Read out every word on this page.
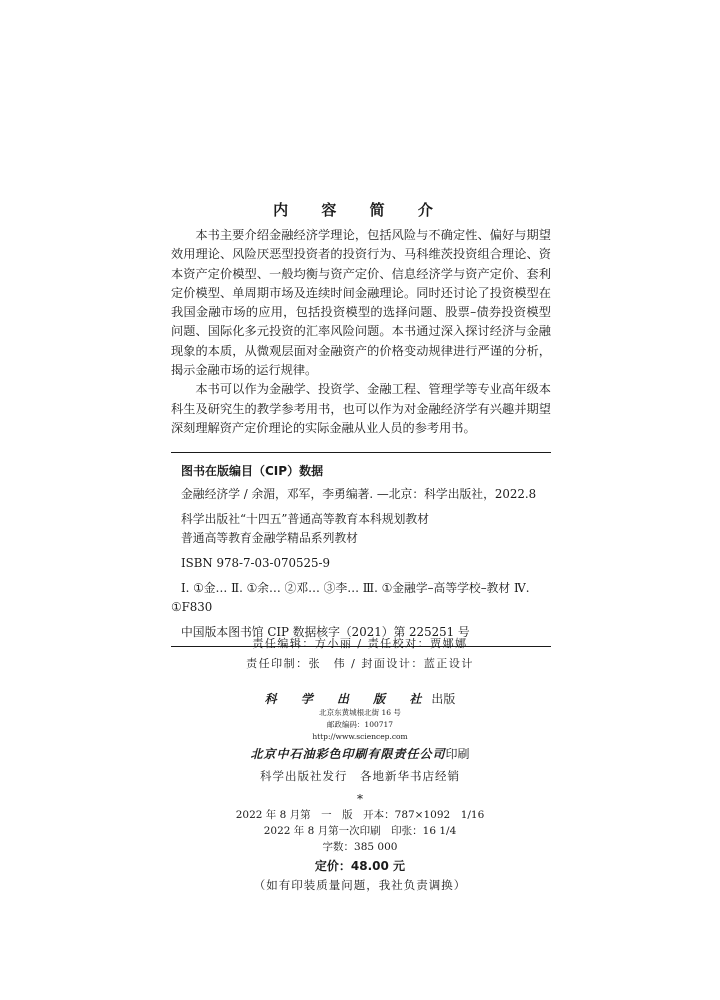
内 容 简 介

本书主要介绍金融经济学理论，包括风险与不确定性、偏好与期望效用理论、风险厌恶型投资者的投资行为、马科维茨投资组合理论、资本资产定价模型、一般均衡与资产定价、信息经济学与资产定价、套利定价模型、单周期市场及连续时间金融理论。同时还讨论了投资模型在我国金融市场的应用，包括投资模型的选择问题、股票–债券投资模型问题、国际化多元投资的汇率风险问题。本书通过深入探讨经济与金融现象的本质，从微观层面对金融资产的价格变动规律进行严谨的分析，揭示金融市场的运行规律。

本书可以作为金融学、投资学、金融工程、管理学等专业高年级本科生及研究生的教学参考用书，也可以作为对金融经济学有兴趣并期望深刻理解资产定价理论的实际金融从业人员的参考用书。

图书在版编目（CIP）数据
金融经济学 / 余湄，邓军，李勇编著. —北京：科学出版社，2022.8
科学出版社“十四五”普通高等教育本科规划教材
普通高等教育金融学精品系列教材
ISBN 978-7-03-070525-9
Ⅰ. ①金… Ⅱ. ①余… ②邓… ③李… Ⅲ. ①金融学–高等学校–教材 Ⅳ. ①F830
中国版本图书馆 CIP 数据核字（2021）第 225251 号
责任编辑：方小丽 / 责任校对：贾娜娜
责任印制：张　伟 / 封面设计：蓝正设计
科 学 出 版 社出版
北京东黄城根北街 16 号
邮政编码：100717
http://www.sciencep.com
北京中石油彩色印刷有限责任公司印刷
科学出版社发行　各地新华书店经销
*
2022 年 8 月第　一　版　开本：787×1092　1/16
2022 年 8 月第一次印刷　印张：16 1/4
字数：385 000
定价：48.00 元
（如有印装质量问题，我社负责调换）
